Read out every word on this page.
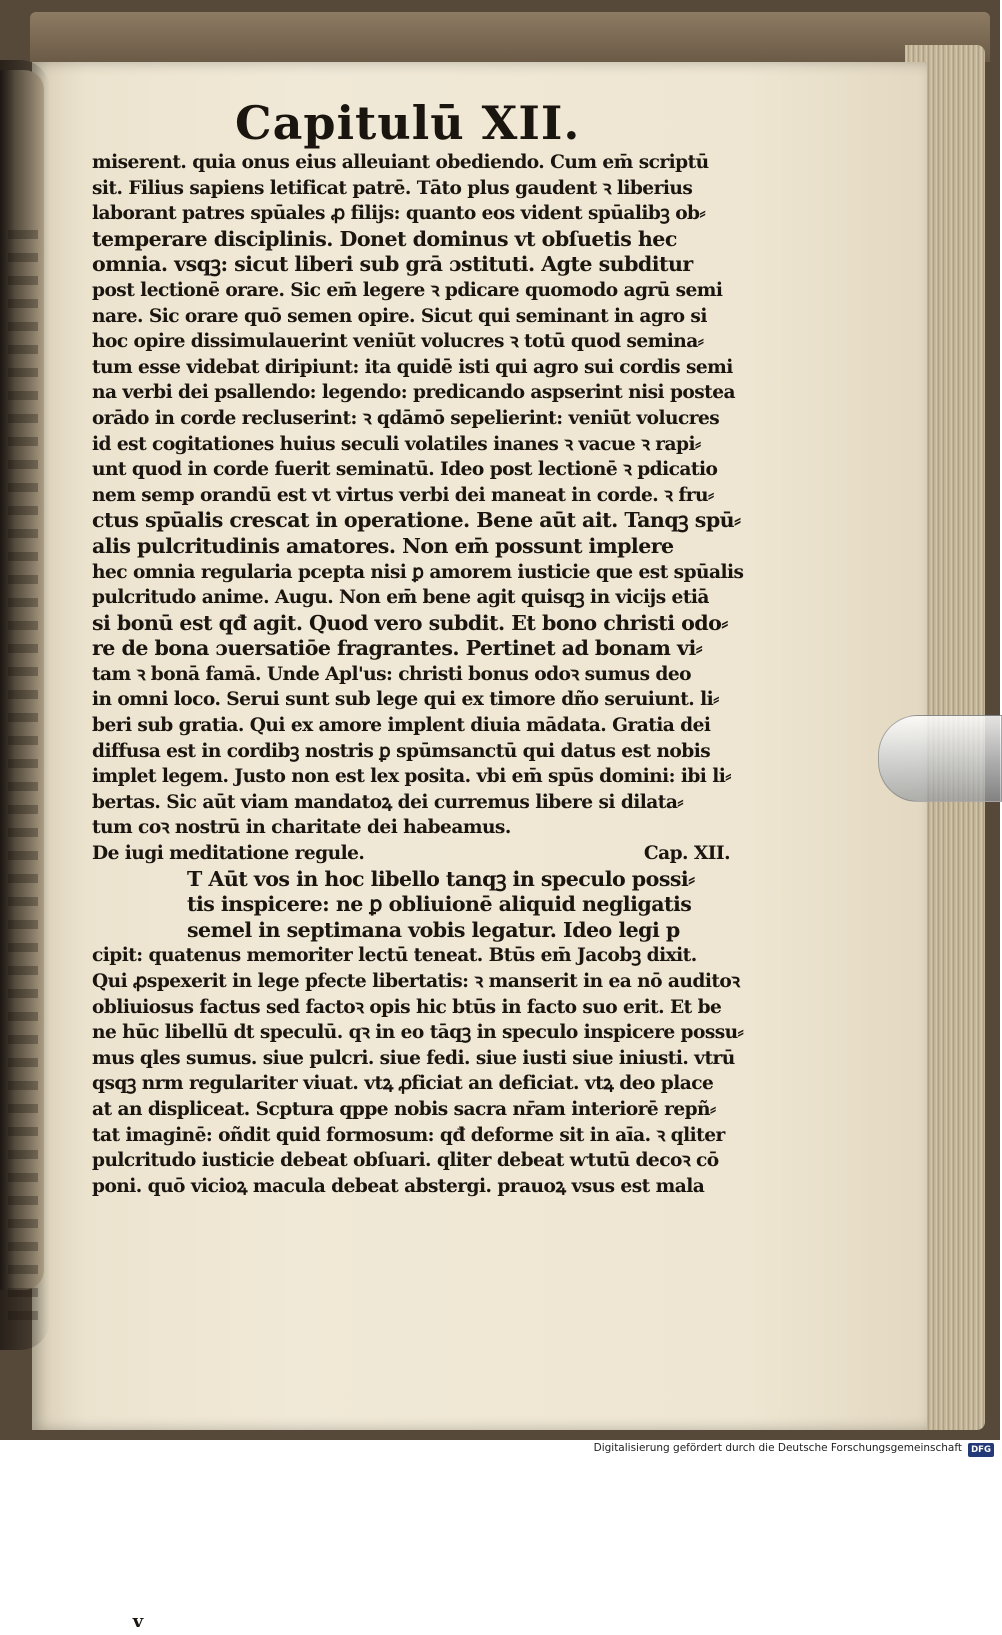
Capitulū XII.
miserent. quia onus eius alleuiant obediendo. Cum em̄ scriptū
sit. Filius sapiens letificat patrē. Tāto plus gaudent ꝛ liberius
laborant patres spūales ꝓ filijs: quanto eos vident spūalibꝫ ob⸗
temperare disciplinis. Donet dominus vt obſuetis hec
omnia. vsqꝫ: sicut liberi sub grā ɔstituti. Agte subditur
post lectionē orare. Sic em̄ legere ꝛ pdicare quomodo agrū semi
nare. Sic orare quō semen opire. Sicut qui seminant in agro si
hoc opire dissimulauerint veniūt volucres ꝛ totū quod semina⸗
tum esse videbat diripiunt: ita quidē isti qui agro sui cordis semi
na verbi dei psallendo: legendo: predicando aspserint nisi postea
orādo in corde recluserint: ꝛ qdāmō sepelierint: veniūt volucres
id est cogitationes huius seculi volatiles inanes ꝛ vacue ꝛ rapi⸗
unt quod in corde fuerit seminatū. Ideo post lectionē ꝛ pdicatio
nem semp orandū est vt virtus verbi dei maneat in corde. ꝛ fru⸗
ctus spūalis crescat in operatione. Bene aūt ait. Tanqꝫ spū⸗
alis pulcritudinis amatores. Non em̄ possunt implere
hec omnia regularia pcepta nisi ꝑ amorem iusticie que est spūalis
pulcritudo anime. Augu. Non em̄ bene agit quisqꝫ in vicijs etiā
si bonū est qđ agit. Quod vero subdit. Et bono christi odo⸗
re de bona ɔuersatiōe fragrantes. Pertinet ad bonam vi⸗
tam ꝛ bonā famā. Unde Apl'us: christi bonus odoꝛ sumus deo
in omni loco. Serui sunt sub lege qui ex timore dño seruiunt. li⸗
beri sub gratia. Qui ex amore implent diuia mādata. Gratia dei
diffusa est in cordibꝫ nostris ꝑ spūmsanctū qui datus est nobis
implet legem. Justo non est lex posita. vbi em̄ spūs domini: ibi li⸗
bertas. Sic aūt viam mandatoꝝ dei curremus libere si dilata⸗
tum coꝛ nostrū in charitate dei habeamus.
De iugi meditatione regule.	Cap. XII.
T Aūt vos in hoc libello tanqꝫ in speculo possi⸗
tis inspicere: ne ꝑ obliuionē aliquid negligatis
semel in septimana vobis legatur. Ideo legi p
cipit: quatenus memoriter lectū teneat. Btūs em̄ Jacobꝫ dixit.
Qui ꝓspexerit in lege pfecte libertatis: ꝛ manserit in ea nō auditoꝛ
obliuiosus factus sed factoꝛ opis hic btūs in facto suo erit. Et be
ne hūc libellū dt speculū. qꝛ in eo tāqꝫ in speculo inspicere possu⸗
mus qles sumus. siue pulcri. siue fedi. siue iusti siue iniusti. vtrū
qsqꝫ nrm regulariter viuat. vtꝝ ꝓficiat an deficiat. vtꝝ deo place
at an displiceat. Scptura qppe nobis sacra nr̄am interiorē repñ⸗
tat imaginē: oñdit quid formosum: qđ deforme sit in aīa. ꝛ qliter
pulcritudo iusticie debeat obſuari. qliter debeat ⱳtutū decoꝛ cō
poni. quō vicioꝝ macula debeat abstergi. prauoꝝ vsus est mala
v
Digitalisierung gefördert durch die Deutsche Forschungsgemeinschaft	DFG
